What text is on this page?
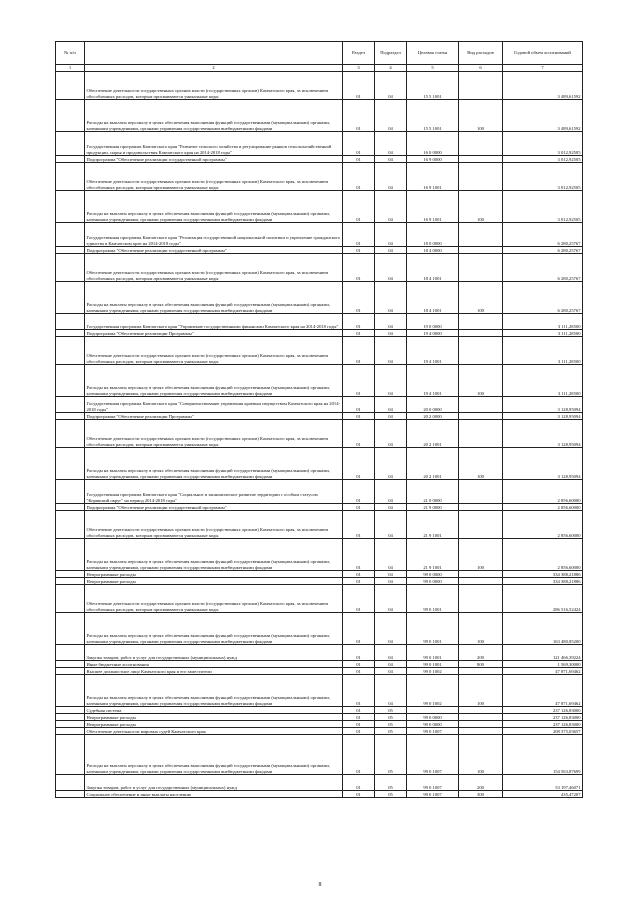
№ п/п		Раздел	Подраздел	Целевая статья	Вид расходов	Годовой объем ассигнований
1	2	3	4	5	6	7
	Обеспечение деятельности государственных органов власти (государственных органов) Камчатского края, за исключением обособленных расходов, которым присваиваются уникальные коды	01	04	15 5 1001		3 489,61592
	Расходы на выплаты персоналу в целях обеспечения выполнения функций государственными (муниципальными) органами, казенными учреждениями, органами управления государственными внебюджетными фондами	01	04	15 5 1001	100	3 489,61592
	Государственная программа Камчатского края "Развитие сельского хозяйства и регулирование рынков сельскохозяйственной продукции, сырья и продовольствия Камчатского края на 2014-2018 годы"	01	04	16 0 0000		3 012,92505
	Подпрограмма "Обеспечение реализации государственной программы"	01	04	16 9 0000		3 012,92505
	Обеспечение деятельности государственных органов власти (государственных органов) Камчатского края, за исключением обособленных расходов, которым присваиваются уникальные коды	01	04	16 9 1001		3 012,92505
	Расходы на выплаты персоналу в целях обеспечения выполнения функций государственными (муниципальными) органами, казенными учреждениями, органами управления государственными внебюджетными фондами	01	04	16 9 1001	100	3 012,92505
	Государственная программа Камчатского края "Реализация государственной национальной политики и укрепление гражданского единства в Камчатском крае на 2014-2018 годы"	01	04	18 0 0000		6 280,25767
	Подпрограмма "Обеспечение реализации государственной программы"	01	04	18 4 0000		6 280,25767
	Обеспечение деятельности государственных органов власти (государственных органов) Камчатского края, за исключением обособленных расходов, которым присваиваются уникальные коды	01	04	18 4 1001		6 280,25767
	Расходы на выплаты персоналу в целях обеспечения выполнения функций государственными (муниципальными) органами, казенными учреждениями, органами управления государственными внебюджетными фондами	01	04	18 4 1001	100	6 280,25767
	Государственная программа Камчатского края "Управление государственными финансами Камчатского края на 2014-2018 годы"	01	04	19 0 0000		3 111,28500
	Подпрограмма "Обеспечение реализации Программы"	01	04	19 4 0000		3 111,28500
	Обеспечение деятельности государственных органов власти (государственных органов) Камчатского края, за исключением обособленных расходов, которым присваиваются уникальные коды	01	04	19 4 1001		3 111,28500
	Расходы на выплаты персоналу в целях обеспечения выполнения функций государственными (муниципальными) органами, казенными учреждениями, органами управления государственными внебюджетными фондами	01	04	19 4 1001	100	3 111,28500
	Государственная программа Камчатского края "Совершенствование управления краевым имуществом Камчатского края на 2014-2018 годы"	01	04	20 0 0000		3 128,95094
	Подпрограмма "Обеспечение реализации Программы"	01	04	20 2 0000		3 128,95094
	Обеспечение деятельности государственных органов власти (государственных органов) Камчатского края, за исключением обособленных расходов, которым присваиваются уникальные коды	01	04	20 2 1001		3 128,95094
	Расходы на выплаты персоналу в целях обеспечения выполнения функций государственными (муниципальными) органами, казенными учреждениями, органами управления государственными внебюджетными фондами	01	04	20 2 1001	100	3 128,95094
	Государственная программа Камчатского края "Социальное и экономическое развитие территории с особым статусом "Корякский округ" на период 2014-2018 годы"	01	04	21 0 0000		2 856,60000
	Подпрограмма "Обеспечение реализации государственной программы"	01	04	21 9 0000		2 856,60000
	Обеспечение деятельности государственных органов власти (государственных органов) Камчатского края, за исключением обособленных расходов, которым присваиваются уникальные коды	01	04	21 9 1001		2 856,60000
	Расходы на выплаты персоналу в целях обеспечения выполнения функций государственными (муниципальными) органами, казенными учреждениями, органами управления государственными внебюджетными фондами	01	04	21 9 1001	100	2 856,60000
	Непрограммные расходы	01	04	99 0 0000		334 388,21886
	Непрограммные расходы	01	04	99 0 0000		334 388,21886
	Обеспечение деятельности государственных органов власти (государственных органов) Камчатского края, за исключением обособленных расходов, которым присваиваются уникальные коды	01	04	99 0 1001		286 516,52424
	Расходы на выплаты персоналу в целях обеспечения выполнения функций государственными (муниципальными) органами, казенными учреждениями, органами управления государственными внебюджетными фондами	01	04	99 0 1001	100	163 480,85200
	Закупка товаров, работ и услуг для государственных (муниципальных) нужд	01	04	99 0 1001	200	121 466,39224
	Иные бюджетные ассигнования	01	04	99 0 1001	800	1 569,30000
	Высшее должностное лицо Камчатского края и его заместители	01	04	99 0 1002		47 871,69462
	Расходы на выплаты персоналу в целях обеспечения выполнения функций государственными (муниципальными) органами, казенными учреждениями, органами управления государственными внебюджетными фондами	01	04	99 0 1002	100	47 871,69462
	Судебная система	01	05			237 126,83000
	Непрограммные расходы	01	05	99 0 0000		237 126,83000
	Непрограммные расходы	01	05	99 0 0000		237 126,83000
	Обеспечение деятельности мировых судей Камчатского края	01	05	99 0 1007		208 375,03657
	Расходы на выплаты персоналу в целях обеспечения выполнения функций государственными (муниципальными) органами, казенными учреждениями, органами управления государственными внебюджетными фондами	01	05	99 0 1007	100	154 563,87699
	Закупка товаров, работ и услуг для государственных (муниципальных) нужд	01	05	99 0 1007	200	53 197,46071
	Социальное обеспечение и иные выплаты населению	01	05	99 0 1007	300	435,47207
8
